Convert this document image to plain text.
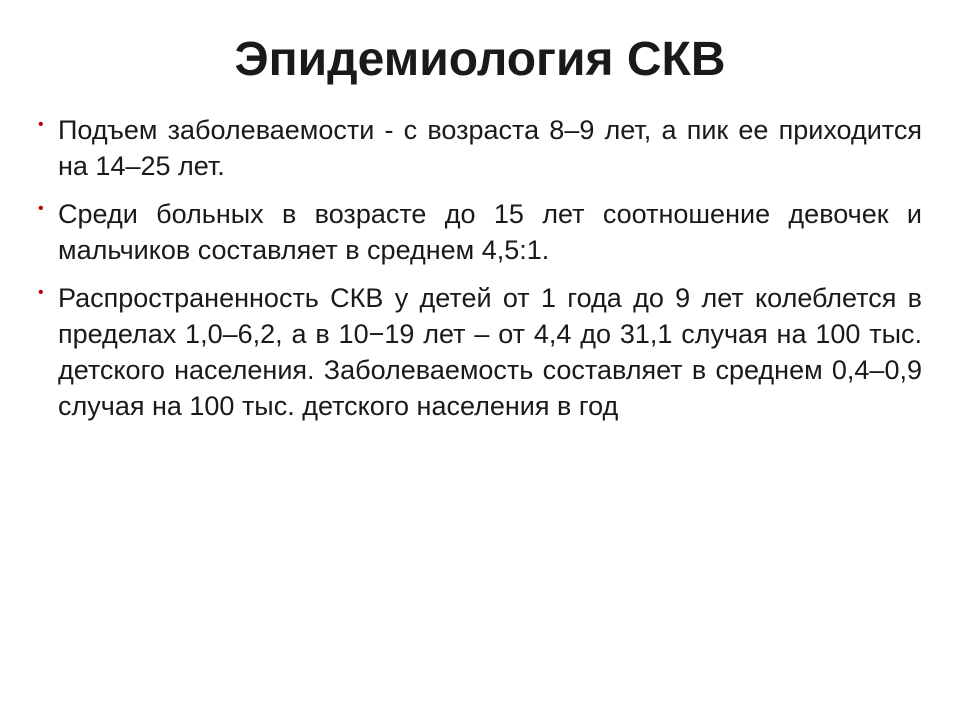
Эпидемиология СКВ
• Подъем заболеваемости - с возраста 8–9 лет, а пик ее приходится на 14–25 лет.
• Среди больных в возрасте до 15 лет соотношение девочек и мальчиков составляет в среднем 4,5:1.
• Распространенность СКВ у детей от 1 года до 9 лет колеблется в пределах 1,0–6,2, а в 10−19 лет – от 4,4 до 31,1 случая на 100 тыс. детского населения. Заболеваемость составляет в среднем 0,4–0,9 случая на 100 тыс. детского населения в год
